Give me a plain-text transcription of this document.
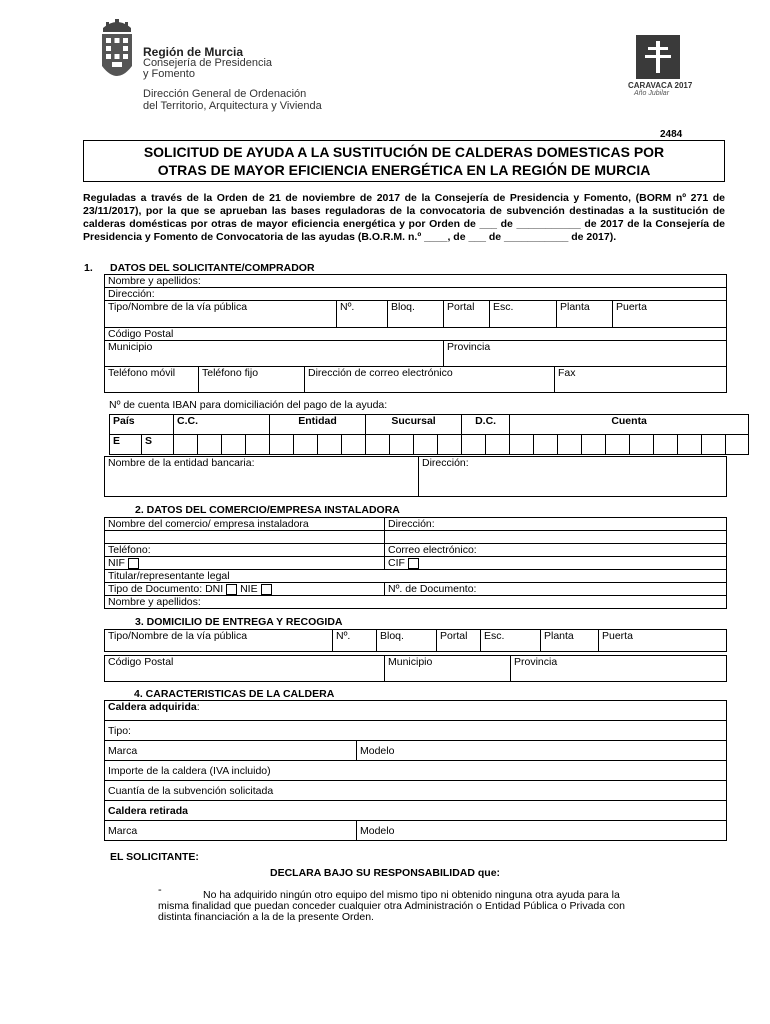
Región de Murcia
Consejería de Presidencia
y Fomento
Dirección General de Ordenación
del Territorio, Arquitectura y Vivienda
CARAVACA 2017
Año Jubilar
2484
SOLICITUD DE AYUDA A LA SUSTITUCIÓN DE CALDERAS DOMESTICAS POR
OTRAS DE MAYOR EFICIENCIA ENERGÉTICA EN LA REGIÓN DE MURCIA
Reguladas a través de la Orden de 21 de noviembre de 2017 de la Consejería de Presidencia y Fomento, (BORM nº 271 de 23/11/2017), por la que se aprueban las bases reguladoras de la convocatoria de subvención destinadas a la sustitución de calderas domésticas por otras de mayor eficiencia energética y por Orden de ___ de ___________ de 2017 de la Consejería de Presidencia y Fomento de Convocatoria de las ayudas (B.O.R.M. n.º ____, de ___ de ___________ de 2017).
1. DATOS DEL SOLICITANTE/COMPRADOR
Nombre y apellidos:						
Dirección:						
Tipo/Nombre de la vía pública	Nº.	Bloq.	Portal	Esc.	Planta	Puerta
Código Postal						
Municipio			Provincia			
Teléfono móvil	Teléfono fijo	Dirección de correo electrónico	Fax
Nº de cuenta IBAN para domiciliación del pago de la ayuda:
País		C.C.				Entidad				Sucursal				D.C.		Cuenta									
E	S																								
Nombre de la entidad bancaria:	Dirección:
2. DATOS DEL COMERCIO/EMPRESA INSTALADORA
Nombre del comercio/ empresa instaladora	Dirección:

Teléfono:	Correo electrónico:
NIF	CIF
Titular/representante legal	
Tipo de Documento: DNI NIE	Nº. de Documento:
Nombre y apellidos:	
3. DOMICILIO DE ENTREGA Y RECOGIDA
Tipo/Nombre de la vía pública	Nº.	Bloq.	Portal	Esc.	Planta	Puerta
Código Postal	Municipio	Provincia
4. CARACTERISTICAS DE LA CALDERA
Caldera adquirida:	
Tipo:	
Marca	Modelo
Importe de la caldera (IVA incluido)	
Cuantía de la subvención solicitada	
Caldera retirada	
Marca	Modelo
EL SOLICITANTE:
DECLARA BAJO SU RESPONSABILIDAD que:
-	No ha adquirido ningún otro equipo del mismo tipo ni obtenido ninguna otra ayuda para la
misma finalidad que puedan conceder cualquier otra Administración o Entidad Pública o Privada con
distinta financiación a la de la presente Orden.
